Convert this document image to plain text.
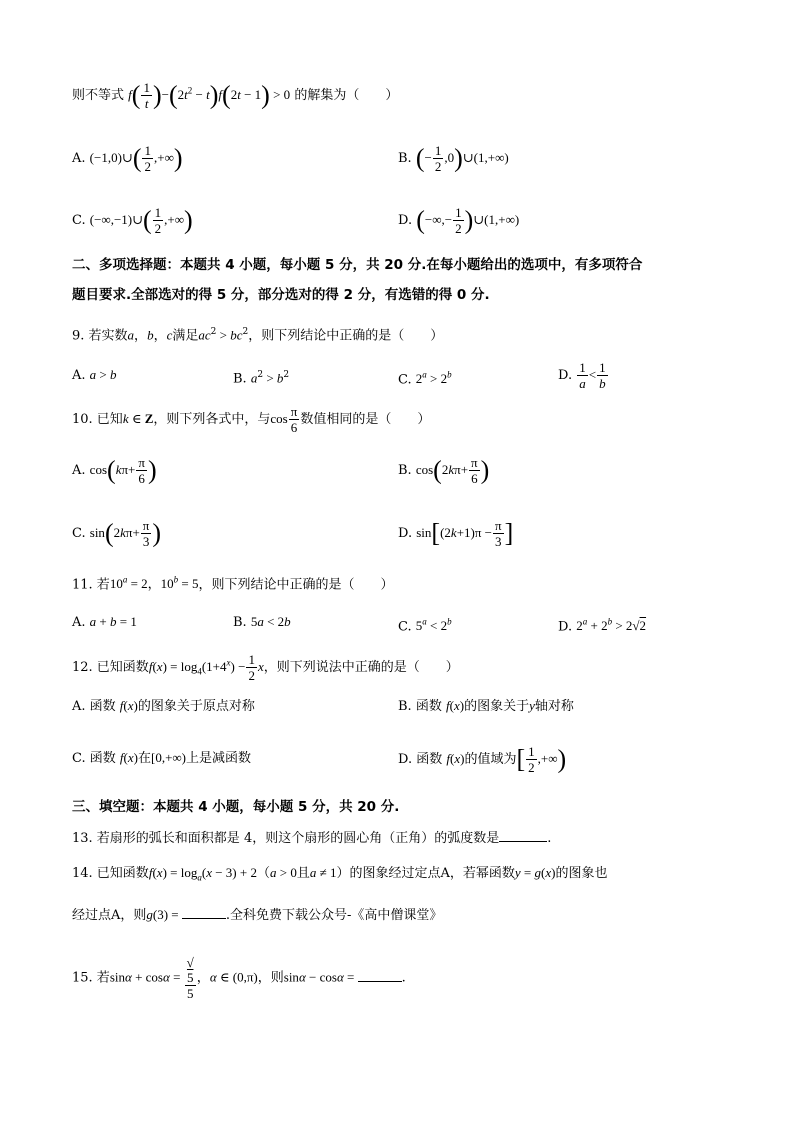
则不等式 $f( \frac{1}{t} )-(2t^2 - t)f(2t - 1) > 0$ 的解集为（　　）
A. (−1,0)∪( $\frac{1}{2}$ ,+∞)	B. (− $\frac{1}{2}$ ,0)∪(1,+∞)
C. (−∞,−1)∪( $\frac{1}{2}$ ,+∞)	D. (−∞,− $\frac{1}{2}$ )∪(1,+∞)
二、多项选择题：本题共 4 小题，每小题 5 分，共 20 分.在每小题给出的选项中，有多项符合
题目要求.全部选对的得 5 分，部分选对的得 2 分，有选错的得 0 分.
9. 若实数a，b，c满足$ac^2 > bc^2$，则下列结论中正确的是（　　）
A. a > b	B. $a^2 > b^2$	C. $2^a > 2^b$	D. $\frac{1}{a} < \frac{1}{b}$
10. 已知k ∈ Z，则下列各式中，与$\cos \frac{\pi}{6}$ 数值相同的是（　　）
A. $\cos(k\pi+ \frac{\pi}{6}$ )	B. $\cos(2k\pi+ \frac{\pi}{6}$ )
C. $\sin(2k\pi+ \frac{\pi}{3}$ )	D. $\sin[(2k+1)\pi - \frac{\pi}{3}$ ]
11. 若$10^a = 2$，$10^b = 5$，则下列结论中正确的是（　　）
A. a + b = 1	B. 5a < 2b	C. $5^a < 2^b$	D. $2^a + 2^b > 2√2$
12. 已知函数$f(x) = \log_4(1+4^x) - \frac{1}{2}$ x，则下列说法中正确的是（　　）
A. 函数 f(x)的图象关于原点对称	B. 函数 f(x)的图象关于y轴对称
C. 函数 f(x)在[0,+∞)上是减函数	D. 函数 f(x)的值域为[ $\frac{1}{2}$ ,+∞)
三、填空题：本题共 4 小题，每小题 5 分，共 20 分.
13. 若扇形的弧长和面积都是 4，则这个扇形的圆心角（正角）的弧度数是	.
14. 已知函数$f(x) = \log_a(x - 3) + 2(a > 0$且a ≠ 1）的图象经过定点A，若幂函数y = g(x)的图象也
经过点A，则g(3) =	.全科免费下载公众号-《高中僧课堂》
15. 若sinα + cosα = √
5
5 ，α ∈ (0,π)，则sinα − cosα =	.
